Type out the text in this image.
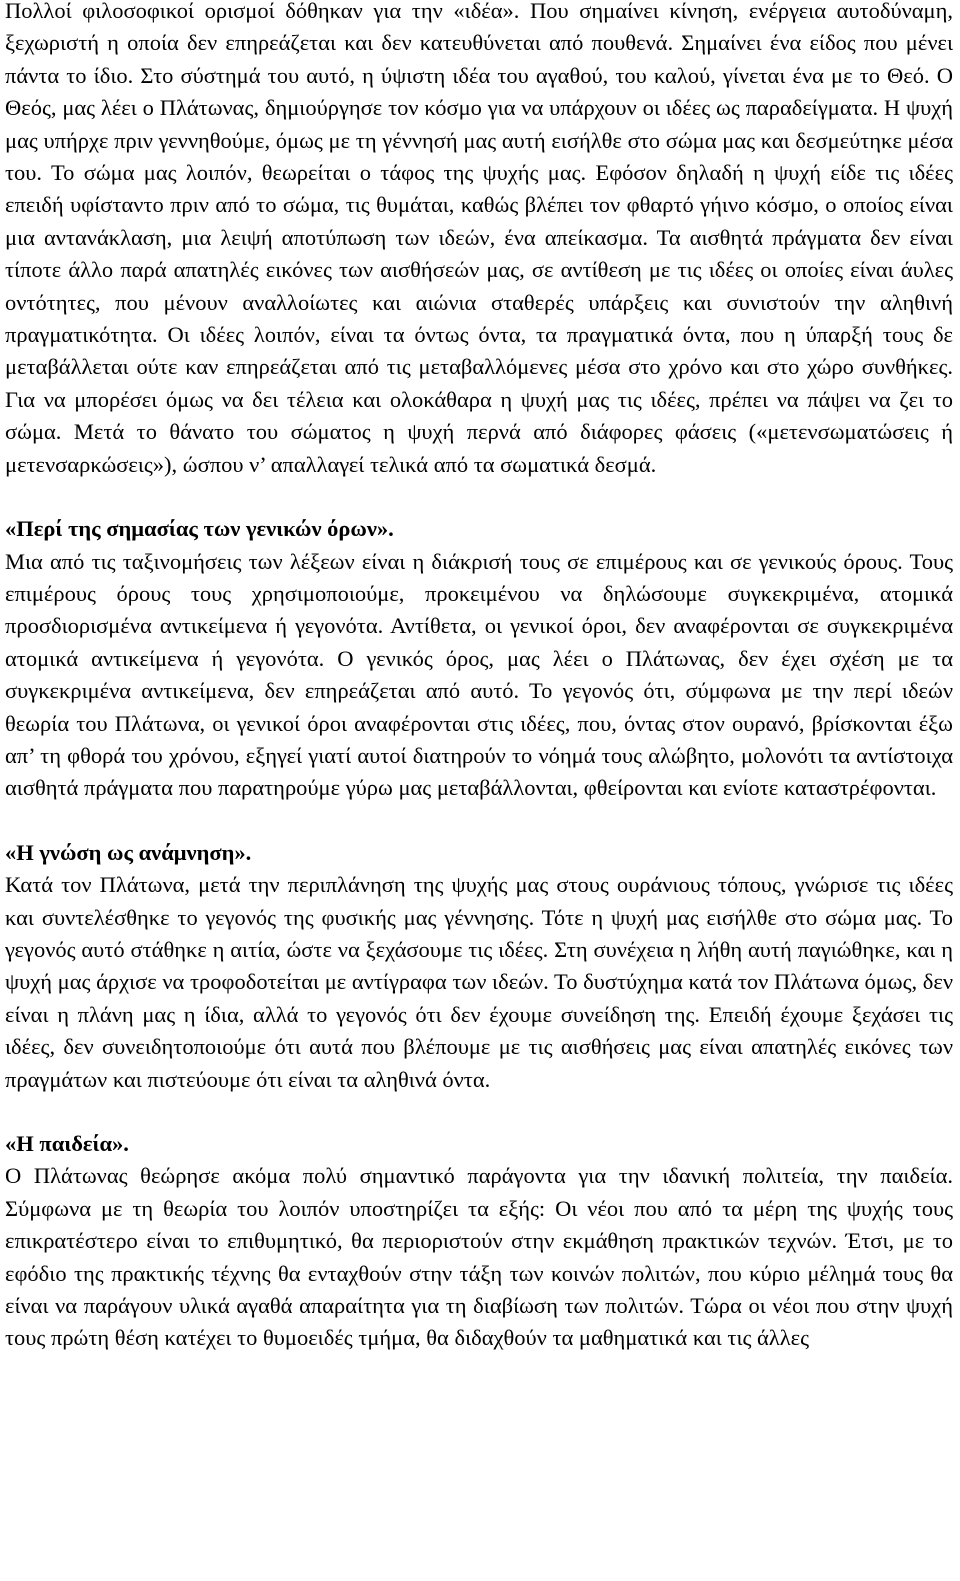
Πολλοί φιλοσοφικοί ορισμοί δόθηκαν για την «ιδέα». Που σημαίνει κίνηση, ενέργεια αυτοδύναμη, ξεχωριστή η οποία δεν επηρεάζεται και δεν κατευθύνεται από πουθενά. Σημαίνει ένα είδος που μένει πάντα το ίδιο. Στο σύστημά του αυτό, η ύψιστη ιδέα του αγαθού, του καλού, γίνεται ένα με το Θεό. Ο Θεός, μας λέει ο Πλάτωνας, δημιούργησε τον κόσμο για να υπάρχουν οι ιδέες ως παραδείγματα. Η ψυχή μας υπήρχε πριν γεννηθούμε, όμως με τη γέννησή μας αυτή εισήλθε στο σώμα μας και δεσμεύτηκε μέσα του. Το σώμα μας λοιπόν, θεωρείται ο τάφος της ψυχής μας. Εφόσον δηλαδή η ψυχή είδε τις ιδέες επειδή υφίσταντο πριν από το σώμα, τις θυμάται, καθώς βλέπει τον φθαρτό γήινο κόσμο, ο οποίος είναι μια αντανάκλαση, μια λειψή αποτύπωση των ιδεών, ένα απείκασμα. Τα αισθητά πράγματα δεν είναι τίποτε άλλο παρά απατηλές εικόνες των αισθήσεών μας, σε αντίθεση με τις ιδέες οι οποίες είναι άυλες οντότητες, που μένουν αναλλοίωτες και αιώνια σταθερές υπάρξεις και συνιστούν την αληθινή πραγματικότητα. Οι ιδέες λοιπόν, είναι τα όντως όντα, τα πραγματικά όντα, που η ύπαρξή τους δε μεταβάλλεται ούτε καν επηρεάζεται από τις μεταβαλλόμενες μέσα στο χρόνο και στο χώρο συνθήκες. Για να μπορέσει όμως να δει τέλεια και ολοκάθαρα η ψυχή μας τις ιδέες, πρέπει να πάψει να ζει το σώμα. Μετά το θάνατο του σώματος η ψυχή περνά από διάφορες φάσεις («μετενσωματώσεις ή μετενσαρκώσεις»), ώσπου ν’ απαλλαγεί τελικά από τα σωματικά δεσμά.

«Περί της σημασίας των γενικών όρων».

Μια από τις ταξινομήσεις των λέξεων είναι η διάκρισή τους σε επιμέρους και σε γενικούς όρους. Τους επιμέρους όρους τους χρησιμοποιούμε, προκειμένου να δηλώσουμε συγκεκριμένα, ατομικά προσδιορισμένα αντικείμενα ή γεγονότα. Αντίθετα, οι γενικοί όροι, δεν αναφέρονται σε συγκεκριμένα ατομικά αντικείμενα ή γεγονότα. Ο γενικός όρος, μας λέει ο Πλάτωνας, δεν έχει σχέση με τα συγκεκριμένα αντικείμενα, δεν επηρεάζεται από αυτό. Το γεγονός ότι, σύμφωνα με την περί ιδεών θεωρία του Πλάτωνα, οι γενικοί όροι αναφέρονται στις ιδέες, που, όντας στον ουρανό, βρίσκονται έξω απ’ τη φθορά του χρόνου, εξηγεί γιατί αυτοί διατηρούν το νόημά τους αλώβητο, μολονότι τα αντίστοιχα αισθητά πράγματα που παρατηρούμε γύρω μας μεταβάλλονται, φθείρονται και ενίοτε καταστρέφονται.

«Η γνώση ως ανάμνηση».

Κατά τον Πλάτωνα, μετά την περιπλάνηση της ψυχής μας στους ουράνιους τόπους, γνώρισε τις ιδέες και συντελέσθηκε το γεγονός της φυσικής μας γέννησης. Τότε η ψυχή μας εισήλθε στο σώμα μας. Το γεγονός αυτό στάθηκε η αιτία, ώστε να ξεχάσουμε τις ιδέες. Στη συνέχεια η λήθη αυτή παγιώθηκε, και η ψυχή μας άρχισε να τροφοδοτείται με αντίγραφα των ιδεών. Το δυστύχημα κατά τον Πλάτωνα όμως, δεν είναι η πλάνη μας η ίδια, αλλά το γεγονός ότι δεν έχουμε συνείδηση της. Επειδή έχουμε ξεχάσει τις ιδέες, δεν συνειδητοποιούμε ότι αυτά που βλέπουμε με τις αισθήσεις μας είναι απατηλές εικόνες των πραγμάτων και πιστεύουμε ότι είναι τα αληθινά όντα.

«Η παιδεία».

Ο Πλάτωνας θεώρησε ακόμα πολύ σημαντικό παράγοντα για την ιδανική πολιτεία, την παιδεία. Σύμφωνα με τη θεωρία του λοιπόν υποστηρίζει τα εξής: Οι νέοι που από τα μέρη της ψυχής τους επικρατέστερο είναι το επιθυμητικό, θα περιοριστούν στην εκμάθηση πρακτικών τεχνών. Έτσι, με το εφόδιο της πρακτικής τέχνης θα ενταχθούν στην τάξη των κοινών πολιτών, που κύριο μέλημά τους θα είναι να παράγουν υλικά αγαθά απαραίτητα για τη διαβίωση των πολιτών. Τώρα οι νέοι που στην ψυχή τους πρώτη θέση κατέχει το θυμοειδές τμήμα, θα διδαχθούν τα μαθηματικά και τις άλλες
